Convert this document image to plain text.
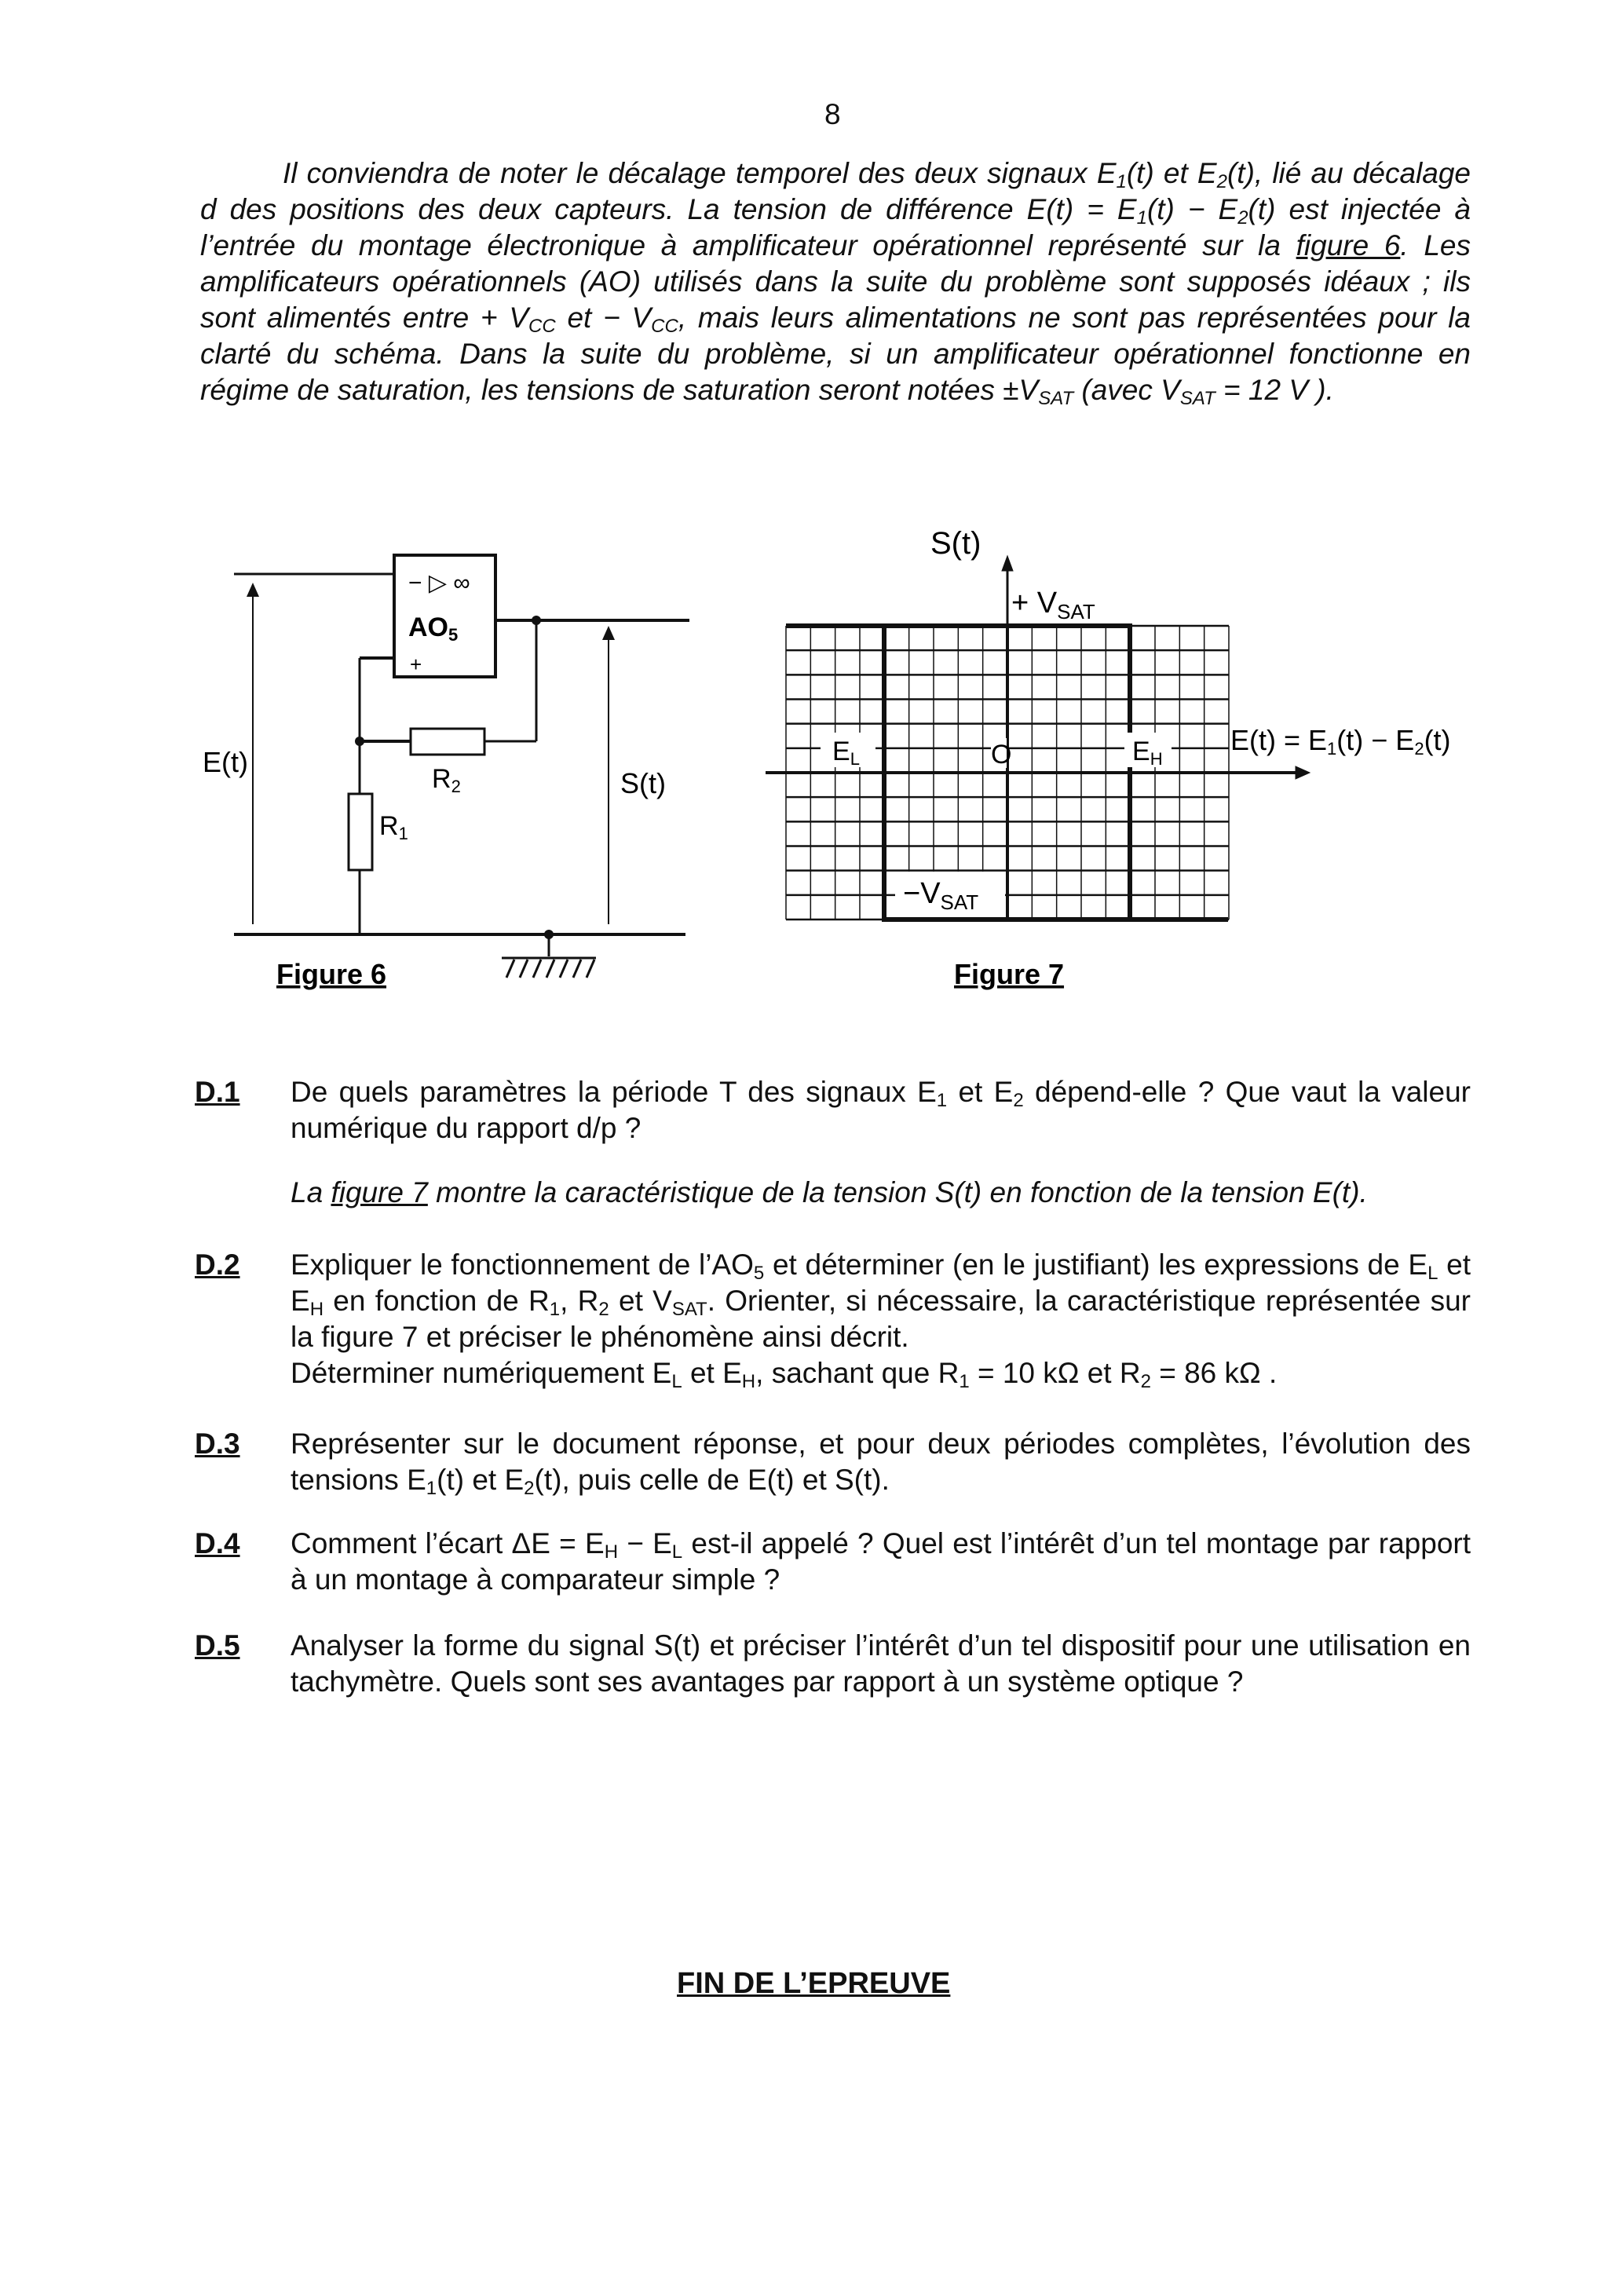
8
Il conviendra de noter le décalage temporel des deux signaux $E_1(t)$ et $E_2(t)$, lié au décalage d des positions des deux capteurs. La tension de différence $E(t) = E_1(t) - E_2(t)$ est injectée à l’entrée du montage électronique à amplificateur opérationnel représenté sur la figure 6. Les amplificateurs opérationnels (AO) utilisés dans la suite du problème sont supposés idéaux ; ils sont alimentés entre + $V_{CC}$ et − $V_{CC}$, mais leurs alimentations ne sont pas représentées pour la clarté du schéma. Dans la suite du problème, si un amplificateur opérationnel fonctionne en régime de saturation, les tensions de saturation seront notées $\pm V_{SAT}$ (avec $V_{SAT} = 12$ V ).
− ▷ ∞
AO5
+
E(t)
S(t)
R2
R1
Figure 6
S(t)
+ $V_{SAT}$
EL	EH
O
$-V_{SAT}$
E(t) = E1(t) − E2(t)
Figure 7
D.1 De quels paramètres la période T des signaux $E_1$ et $E_2$ dépend-elle ? Que vaut la valeur numérique du rapport d/p ?
La figure 7 montre la caractéristique de la tension S(t) en fonction de la tension E(t).
D.2 Expliquer le fonctionnement de $l’AO_5$ et déterminer (en le justifiant) les expressions de $E_L$ et $E_H$ en fonction de $R_1$, $R_2$ et $V_{SAT}$. Orienter, si nécessaire, la caractéristique représentée sur la figure 7 et préciser le phénomène ainsi décrit.
Déterminer numériquement $E_L$ et $E_H$, sachant que $R_1 = 10$ kΩ et $R_2 = 86$ kΩ .
D.3 Représenter sur le document réponse, et pour deux périodes complètes, l’évolution des tensions $E_1(t)$ et $E_2(t)$, puis celle de E(t) et S(t).
D.4 Comment l’écart $\Delta E = E_H - E_L$ est-il appelé ? Quel est l’intérêt d’un tel montage par rapport à un montage à comparateur simple ?
D.5 Analyser la forme du signal S(t) et préciser l’intérêt d’un tel dispositif pour une utilisation en tachymètre. Quels sont ses avantages par rapport à un système optique ?
FIN DE L’EPREUVE
